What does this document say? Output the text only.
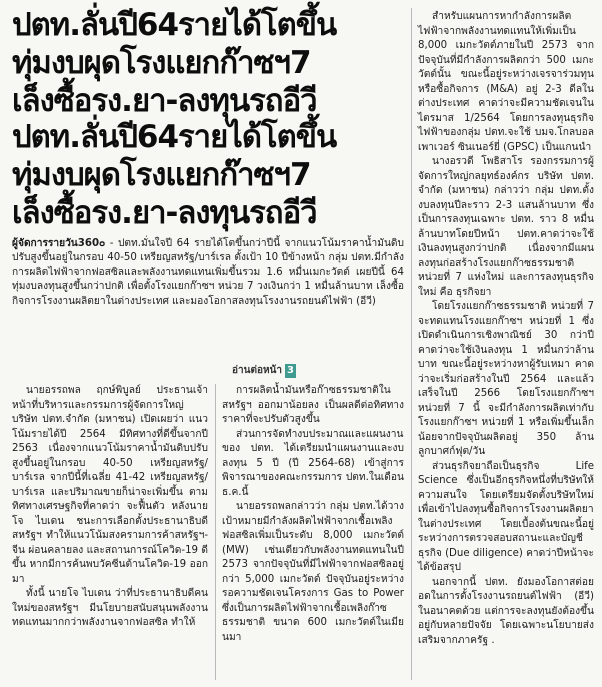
ปตท.ลั่นปี64รายได้โตขึ้น
ทุ่มงบผุดโรงแยกก๊าซฯ7
เล็งซื้อรง.ยา-ลงทุนรถอีวี
ปตท.ลั่นปี64รายได้โตขึ้น
ทุ่มงบผุดโรงแยกก๊าซฯ7
เล็งซื้อรง.ยา-ลงทุนรถอีวี
ผู้จัดการรายวัน360๐ - ปตท.มั่นใจปี 64 รายได้โตขึ้นกว่าปีนี้ จากแนวโน้มราคาน้ำมันดิบปรับสูงขึ้นอยู่ในกรอบ 40-50 เหรียญสหรัฐ/บาร์เรล ตั้งเป้า 10 ปีข้างหน้า กลุ่ม ปตท.มีกำลังการผลิตไฟฟ้าจากฟอสซิลและพลังงานทดแทนเพิ่มขึ้นรวม 1.6 หมื่นเมกะวัตต์ เผยปีนี้ 64 ทุ่มงบลงทุนสูงขึ้นกว่าปกติ เพื่อตั้งโรงแยกก๊าซฯ หน่วย 7 วงเงินกว่า 1 หมื่นล้านบาท เล็งซื้อกิจการโรงงานผลิตยาในต่างประเทศ และมองโอกาสลงทุนโรงงานรถยนต์ไฟฟ้า (อีวี)
อ่านต่อหน้า 3

นายอรรถพล ฤกษ์พิบูลย์ ประธานเจ้าหน้าที่บริหารและกรรมการผู้จัดการใหญ่ บริษัท ปตท.จำกัด (มหาชน) เปิดเผยว่า แนวโน้มรายได้ปี 2564 มีทิศทางที่ดีขึ้นจากปี 2563 เนื่องจากแนวโน้มราคาน้ำมันดิบปรับสูงขึ้นอยู่ในกรอบ 40-50 เหรียญสหรัฐ/บาร์เรล จากปีนี้ที่เฉลี่ย 41-42 เหรียญสหรัฐ/บาร์เรล และปริมาณขายก็น่าจะเพิ่มขึ้น ตามทิศทางเศรษฐกิจที่คาดว่า จะฟื้นตัว หลังนายโจ ไบเดน ชนะการเลือกตั้งประธานาธิบดีสหรัฐฯ ทำให้แนวโน้มสงครามการค้าสหรัฐฯ-จีน ผ่อนคลายลง และสถานการณ์โควิด-19 ดีขึ้น หากมีการค้นพบวัคซีนต้านโควิด-19 ออกมา

ทั้งนี้ นายโจ ไบเดน ว่าที่ประธานาธิบดีคนใหม่ของสหรัฐฯ มีนโยบายสนับสนุนพลังงานทดแทนมากกว่าพลังงานจากฟอสซิล ทำให้

การผลิตน้ำมันหรือก๊าซธรรมชาติในสหรัฐฯ ออกมาน้อยลง เป็นผลดีต่อทิศทางราคาที่จะปรับตัวสูงขึ้น

ส่วนการจัดทำงบประมาณและแผนงานของ ปตท. ได้เตรียมนำแผนงานและงบลงทุน 5 ปี (ปี 2564-68) เข้าสู่การพิจารณาของคณะกรรมการ ปตท.ในเดือน ธ.ค.นี้

นายอรรถพลกล่าวว่า กลุ่ม ปตท.ได้วางเป้าหมายมีกำลังผลิตไฟฟ้าจากเชื้อเพลิงฟอสซิลเพิ่มเป็นระดับ 8,000 เมกะวัตต์ (MW) เช่นเดียวกับพลังงานทดแทนในปี 2573 จากปัจจุบันที่มีไฟฟ้าจากฟอสซิลอยู่กว่า 5,000 เมกะวัตต์ ปัจจุบันอยู่ระหว่างรอความชัดเจนโครงการ Gas to Power ซึ่งเป็นการผลิตไฟฟ้าจากเชื้อเพลิงก๊าซธรรมชาติ ขนาด 600 เมกะวัตต์ในเมียนมา

สำหรับแผนการหากำลังการผลิตไฟฟ้าจากพลังงานทดแทนให้เพิ่มเป็น 8,000 เมกะวัตต์ภายในปี 2573 จากปัจจุบันที่มีกำลังการผลิตกว่า 500 เมกะวัตต์นั้น ขณะนี้อยู่ระหว่างเจรจาร่วมทุนหรือซื้อกิจการ (M&A) อยู่ 2-3 ดีลในต่างประเทศ คาดว่าจะมีความชัดเจนในไตรมาส 1/2564 โดยการลงทุนธุรกิจไฟฟ้าของกลุ่ม ปตท.จะใช้ บมจ.โกลบอล เพาเวอร์ ซินเนอร์ยี่ (GPSC) เป็นแกนนำ

นางอรวดี โพธิสาโร รองกรรมการผู้จัดการใหญ่กลยุทธ์องค์กร บริษัท ปตท. จำกัด (มหาชน) กล่าวว่า กลุ่ม ปตท.ตั้งงบลงทุนปีละราว 2-3 แสนล้านบาท ซึ่งเป็นการลงทุนเฉพาะ ปตท. ราว 8 หมื่นล้านบาทโดยปีหน้า ปตท.คาดว่าจะใช้เงินลงทุนสูงกว่าปกติ เนื่องจากมีแผนลงทุนก่อสร้างโรงแยกก๊าซธรรมชาติ หน่วยที่ 7 แห่งใหม่ และการลงทุนธุรกิจใหม่ คือ ธุรกิจยา

โดยโรงแยกก๊าซธรรมชาติ หน่วยที่ 7 จะทดแทนโรงแยกก๊าซฯ หน่วยที่ 1 ซึ่งเปิดดำเนินการเชิงพาณิชย์ 30 กว่าปี คาดว่าจะใช้เงินลงทุน 1 หมื่นกว่าล้านบาท ขณะนี้อยู่ระหว่างหาผู้รับเหมา คาดว่าจะเริ่มก่อสร้างในปี 2564 และแล้วเสร็จในปี 2566 โดยโรงแยกก๊าซฯ หน่วยที่ 7 นี้ จะมีกำลังการผลิตเท่ากับโรงแยกก๊าซฯ หน่วยที่ 1 หรือเพิ่มขึ้นเล็กน้อยจากปัจจุบันผลิตอยู่ 350 ล้านลูกบาศก์ฟุต/วัน

ส่วนธุรกิจยาถือเป็นธุรกิจ Life Science ซึ่งเป็นอีกธุรกิจหนึ่งที่บริษัทให้ความสนใจ โดยเตรียมจัดตั้งบริษัทใหม่ เพื่อเข้าไปลงทุนซื้อกิจการโรงงานผลิตยาในต่างประเทศ โดยเบื้องต้นขณะนี้อยู่ระหว่างการตรวจสอบสถานะและบัญชีธุรกิจ (Due diligence) คาดว่าปีหน้าจะได้ข้อสรุป

นอกจากนี้ ปตท. ยังมองโอกาสต่อยอดในการตั้งโรงงานรถยนต์ไฟฟ้า (อีวี) ในอนาคตด้วย แต่การจะลงทุนยังต้องขึ้นอยู่กับหลายปัจจัย โดยเฉพาะนโยบายส่งเสริมจากภาครัฐ .
